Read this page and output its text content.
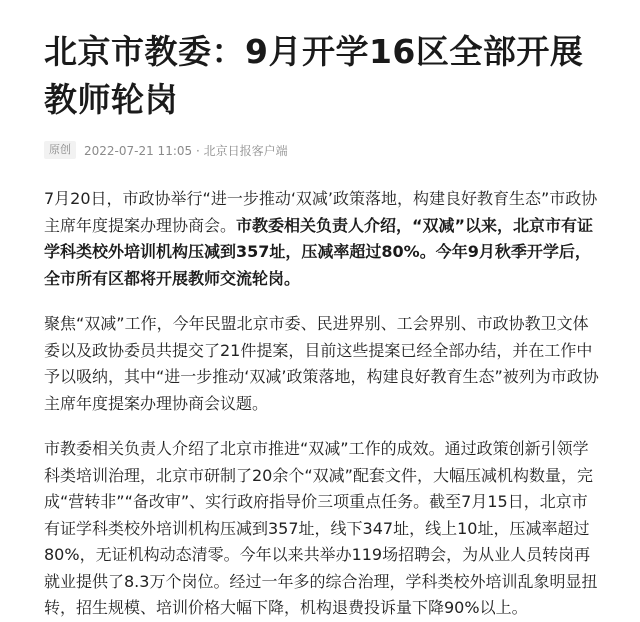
北京市教委：9月开学16区全部开展教师轮岗
原创	2022-07-21 11:05 · 北京日报客户端

7月20日，市政协举行“进一步推动‘双减’政策落地，构建良好教育生态”市政协主席年度提案办理协商会。市教委相关负责人介绍，“双减”以来，北京市有证学科类校外培训机构压减到357址，压减率超过80%。今年9月秋季开学后，全市所有区都将开展教师交流轮岗。

聚焦“双减”工作，今年民盟北京市委、民进界别、工会界别、市政协教卫文体委以及政协委员共提交了21件提案，目前这些提案已经全部办结，并在工作中予以吸纳，其中“进一步推动‘双减’政策落地，构建良好教育生态”被列为市政协主席年度提案办理协商会议题。

市教委相关负责人介绍了北京市推进“双减”工作的成效。通过政策创新引领学科类培训治理，北京市研制了20余个“双减”配套文件，大幅压减机构数量，完成“营转非”“备改审”、实行政府指导价三项重点任务。截至7月15日，北京市有证学科类校外培训机构压减到357址，线下347址，线上10址，压减率超过80%，无证机构动态清零。今年以来共举办119场招聘会，为从业人员转岗再就业提供了8.3万个岗位。经过一年多的综合治理，学科类校外培训乱象明显扭转，招生规模、培训价格大幅下降，机构退费投诉量下降90%以上。
